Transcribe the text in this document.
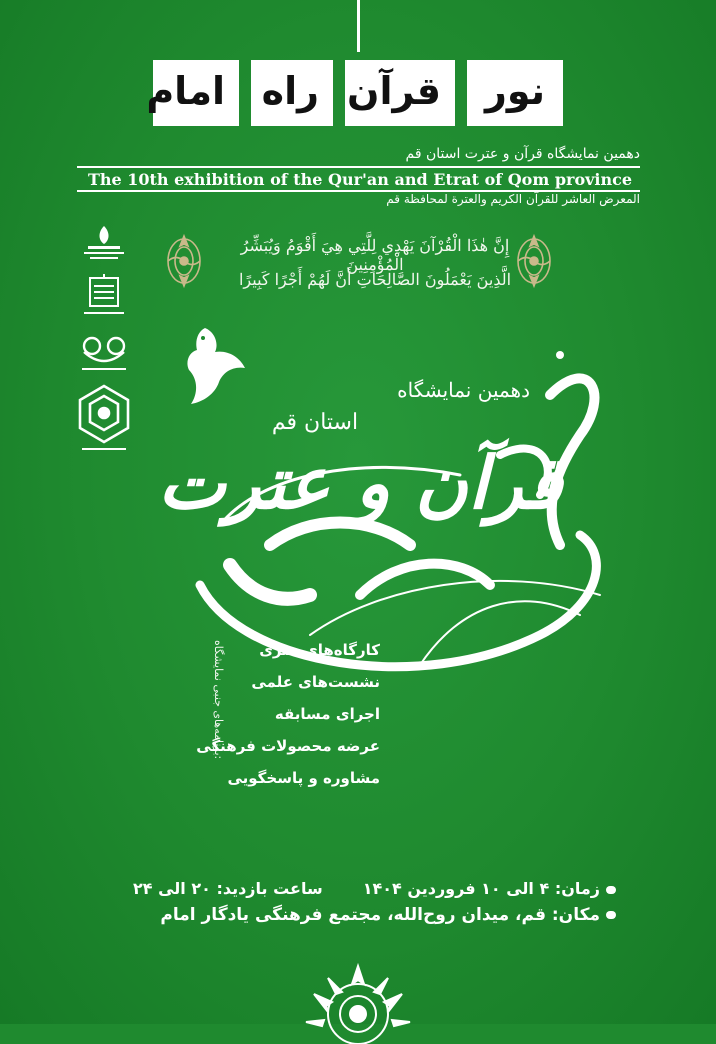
نور
قرآن
راه
امام
دهمین نمایشگاه قرآن و عترت استان قم
The 10th exhibition of the Qur'an and Etrat of Qom province
المعرض العاشر للقرآن الکریم والعترة لمحافظة قم
إِنَّ هٰذَا الْقُرْآنَ يَهْدِي لِلَّتِي هِيَ أَقْوَمُ وَيُبَشِّرُ الْمُؤْمِنِينَ
الَّذِينَ يَعْمَلُونَ الصَّالِحَاتِ أَنَّ لَهُمْ أَجْرًا كَبِيرًا
دهمین نمایشگاه
استان قم
قرآن و عترت
برنامه‌های جنبی نمایشگاه:
کارگاه‌های هنری
نشست‌های علمی
اجرای مسابقه
عرضه محصولات فرهنگی
مشاوره و پاسخگویی
زمان: ۴ الی ۱۰ فروردین ۱۴۰۴ساعت بازدید: ۲۰ الی ۲۴
مکان: قم، میدان روح‌الله، مجتمع فرهنگی یادگار امام
